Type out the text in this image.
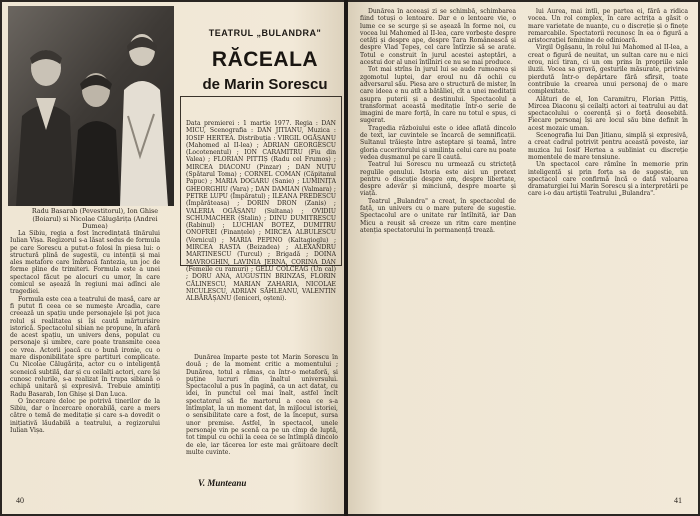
Radu Basarab (Pevestitorul), Ion Ghise (Boiarul) si Nicolae Călugărița (Andrei Dumea)
TEATRUL „BULANDRA"
RĂCEALA
de Marin Sorescu
Data premierei : 1 martie 1977. Regia : DAN MICU, Scenografia : DAN JITIANU, Muzica : IOSIF HERTEA. Distribuția : VIRGIL OGĂȘANU (Mahomed al II-lea) ; ADRIAN GEORGESCU (Locotenentul) ; ION CARAMITRU (Fiu din Valea) ; FLORIAN PITTIȘ (Radu cel Frumos) ; MIRCEA DIACONU (Pinzar) ; DAN NUȚU (Spătarul Toma) ; CORNEL COMAN (Căpitanul Papuc) ; MARIA DOGARU (Sanie) ; LUMINIȚA GHEORGHIU (Vara) ; DAN DAMIAN (Valmara) ; PETRE LUPU (Împăratul) ; ILEANA PREDESCU (Împărăteasa) ; DORIN DRON (Zanis) ; VALERIA OGĂȘANU (Sultana) ; OVIDIU SCHUMACHER (Stalin) ; DINU DUMITRESCU (Rabinul) ; LUCHIAN BOTEZ, DUMITRU ONOFREI (Finanțele) ; MIRCEA ALBULESCU (Vornicul) ; MARIA PEPINO (Kaltagioglu) ; MIRCEA RASTA (Beizadea) ; ALEXANDRU MARTINESCU (Turcul) ; Brigadă ; DOINA MAVROGHIN, LAVINIA JERNA, CORINA DAN (Femeile cu ramuri) ; GELU COLCEAG (Un cal) ; DORU ANA, AUGUSTIN BRINZAS, FLORIN CĂLINESCU, MARIAN ZAHARIA, NICOLAE NICULESCU, ADRIAN SĂHLEANU, VALENTIN ALBĂRĂȘANU (Ieniceri, oșteni).

La Sibiu, regia a fost încredințată tînărului Iulian Vișa. Regizorul s-a lăsat sedus de formula pe care Sorescu a putut-o folosi în piesa lui: o structură plină de sugestii, cu intenții și mai ales metafore care îmbracă fantezia, un joc de forme pline de trimiteri. Formula este a unei spectacol făcut pe alocuri cu umor, în care comicul se așează în regiuni mai adînci ale tragediei.

Formula este cea a teatrului de masă, care ar fi putut fi ceea ce se numește Arcadia, care creează un spațiu unde personajele își pot juca rolul și realitatea și își caută mărturisire istorică. Spectacolul sibian ne propune, în afară de acest spațiu, un univers dens, populat cu personaje și umbre, care poate transmite ceea ce vrea. Actorii joacă cu o bună ironie, cu o mare disponibilitate spre partituri complicate. Cu Nicolae Călugărița, actor cu o inteligență sceneică subtilă, dar și cu ceilalți actori, care își cunosc rolurile, s-a realizat în trupa sibiană o echipă unitară și expresivă. Trebuie amintiți Radu Basarab, Ion Ghișe și Dan Luca.

O încercare deloc pe potrivă tinerilor de la Sibiu, dar o încercare onorabilă, care a mers către o temă de meditație și care s-a dovedit o inițiativă lăudabilă a teatrului, a regizorului Iulian Vișa.

Dunărea împarte peste tot Marin Sorescu în două ; de la moment critic a momentului ; Dunărea, totul a rămas, ca într-o metaforă, și puține lucruri din înaltul universului. Spectacolul a pus în pagină, ca un act datat, cu idei, în punctul cel mai înalt, astfel încît spectatorul să fie martorul a ceea ce s-a întîmplat, la un moment dat, în mijlocul istoriei, o sensibilitate care a fost, de la început, sursa unor premise. Astfel, în spectacol, unele personaje vin pe scenă ca pe un cîmp de luptă, tot timpul cu ochii la ceea ce se întîmplă dincolo de ele, iar tăcerea lor este mai grăitoare decît multe cuvinte.

V. Munteanu
40

Dunărea în aceeași zi se schimbă, schimbarea fiind totuși o lentoare. Dar e o lentoare vie, o lume ce se scurge și se așează în forme noi, cu vocea lui Mahomed al II-lea, care vorbește despre cetăți și despre ape, despre Țara Românească și despre Vlad Țepeș, cel care întîrzie să se arate. Totul e construit în jurul acestei așteptări, a acestui dor al unei întîlniri ce nu se mai produce.

Tot mai strîns în jurul lui se aude rumoarea și zgomotul luptei, dar eroul nu dă ochii cu adversarul său. Piesa are o structură de mister, în care ideea e nu atît a bătăliei, cît a unei meditații asupra puterii și a destinului. Spectacolul a transformat această meditație într-o serie de imagini de mare forță, în care nu totul e spus, ci sugerat.

Tragedia războiului este o idee aflată dincolo de text, iar cuvintele se încarcă de semnificații. Sultanul trăiește între așteptare și teamă, între gloria cuceritorului și umilința celui care nu poate vedea dușmanul pe care îl caută.

Teatrul lui Sorescu nu urmează cu stricteță regulile genului. Istoria este aici un pretext pentru o discuție despre om, despre libertate, despre adevăr și minciună, despre moarte și viață.

Teatrul „Bulandra" a creat, în spectacolul de față, un univers cu o mare putere de sugestie. Spectacolul are o unitate rar întîlnită, iar Dan Micu a reușit să creeze un ritm care menține atenția spectatorului în permanență trează.

lui Aurea, mai intîi, pe partea ei, fără a ridica vocea. Un rol complex, în care actrița a găsit o mare varietate de nuanțe, cu o discreție și o finețe remarcabile. Spectatorii recunosc în ea o figură a aristocrației feminine de odinioară.

Virgil Ogășanu, în rolul lui Mahomed al II-lea, a creat o figură de neuitat, un sultan care nu e nici erou, nici tiran, ci un om prins în propriile sale iluzii. Vocea sa gravă, gesturile măsurate, privirea pierdută într-o depărtare fără sfîrșit, toate contribuie la crearea unui personaj de o mare complexitate.

Alături de el, Ion Caramitru, Florian Pittiș, Mircea Diaconu și ceilalți actori ai teatrului au dat spectacolului o coerență și o forță deosebită. Fiecare personaj își are locul său bine definit în acest mozaic uman.

Scenografia lui Dan Jitianu, simplă și expresivă, a creat cadrul potrivit pentru această poveste, iar muzica lui Iosif Hertea a subliniat cu discreție momentele de mare tensiune.

Un spectacol care rămîne în memorie prin inteligență și prin forța sa de sugestie, un spectacol care confirmă încă o dată valoarea dramaturgiei lui Marin Sorescu și a interpretării pe care i-o dau artiștii Teatrului „Bulandra".

41
